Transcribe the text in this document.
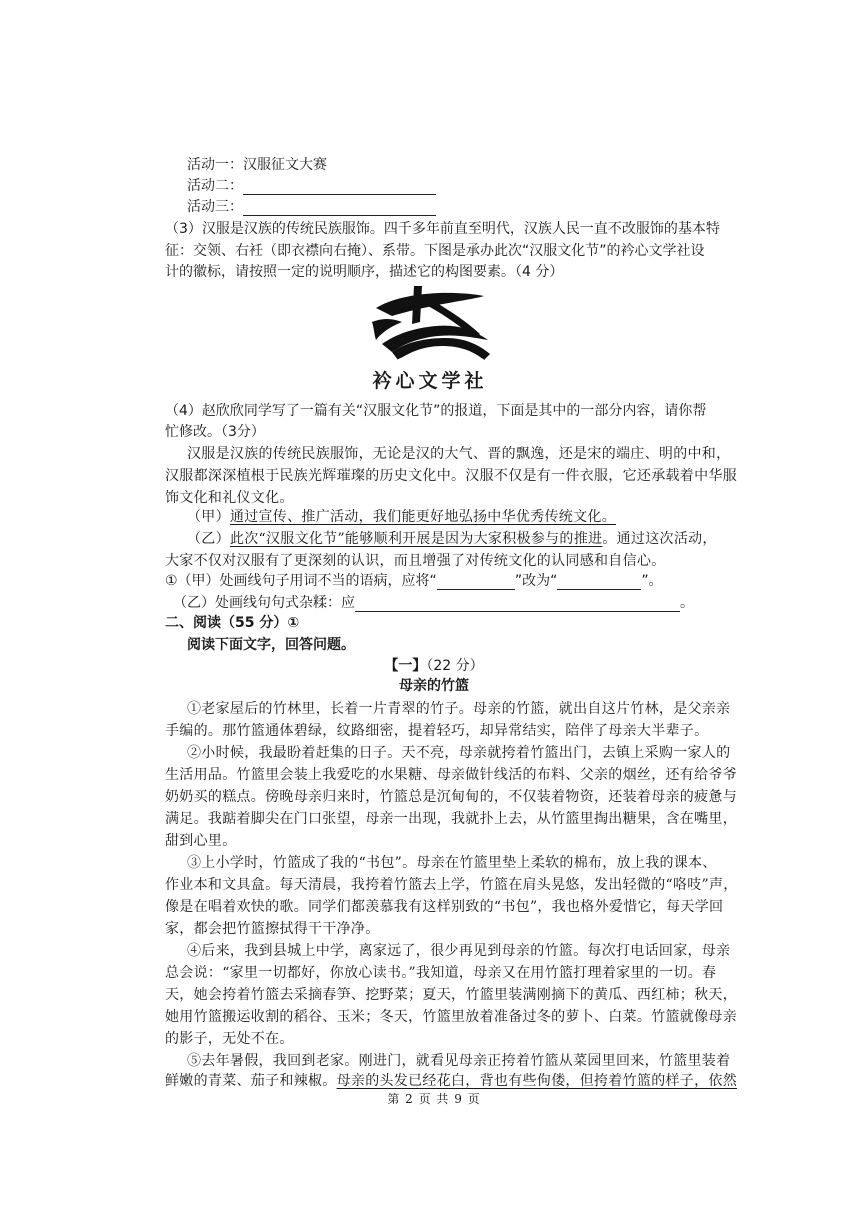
活动一：汉服征文大赛
活动二：
活动三：
（3）汉服是汉族的传统民族服饰。四千多年前直至明代，汉族人民一直不改服饰的基本特
征：交领、右衽（即衣襟向右掩）、系带。下图是承办此次“汉服文化节”的衿心文学社设
计的徽标，请按照一定的说明顺序，描述它的构图要素。（4 分）
衿心文学社
（4）赵欣欣同学写了一篇有关“汉服文化节”的报道，下面是其中的一部分内容，请你帮
忙修改。（3分）
汉服是汉族的传统民族服饰，无论是汉的大气、晋的飘逸，还是宋的端庄、明的中和，
汉服都深深植根于民族光辉璀璨的历史文化中。汉服不仅是有一件衣服，它还承载着中华服
饰文化和礼仪文化。
（甲）通过宣传、推广活动，我们能更好地弘扬中华优秀传统文化。
（乙）此次“汉服文化节”能够顺利开展是因为大家积极参与的推进。通过这次活动，
大家不仅对汉服有了更深刻的认识，而且增强了对传统文化的认同感和自信心。
①（甲）处画线句子用词不当的语病，应将“	”改为“	”。
（乙）处画线句句式杂糅：应	。
二、阅读（55 分）①
阅读下面文字，回答问题。
【一】（22 分）
母亲的竹篮
①老家屋后的竹林里，长着一片青翠的竹子。母亲的竹篮，就出自这片竹林，是父亲亲
手编的。那竹篮通体碧绿，纹路细密，提着轻巧，却异常结实，陪伴了母亲大半辈子。
②小时候，我最盼着赶集的日子。天不亮，母亲就挎着竹篮出门，去镇上采购一家人的
生活用品。竹篮里会装上我爱吃的水果糖、母亲做针线活的布料、父亲的烟丝，还有给爷爷
奶奶买的糕点。傍晚母亲归来时，竹篮总是沉甸甸的，不仅装着物资，还装着母亲的疲惫与
满足。我踮着脚尖在门口张望，母亲一出现，我就扑上去，从竹篮里掏出糖果，含在嘴里，
甜到心里。
③上小学时，竹篮成了我的“书包”。母亲在竹篮里垫上柔软的棉布，放上我的课本、
作业本和文具盒。每天清晨，我挎着竹篮去上学，竹篮在肩头晃悠，发出轻微的“咯吱”声，
像是在唱着欢快的歌。同学们都羡慕我有这样别致的“书包”，我也格外爱惜它，每天学回
家，都会把竹篮擦拭得干干净净。
④后来，我到县城上中学，离家远了，很少再见到母亲的竹篮。每次打电话回家，母亲
总会说：“家里一切都好，你放心读书。”我知道，母亲又在用竹篮打理着家里的一切。春
天，她会挎着竹篮去采摘春笋、挖野菜；夏天，竹篮里装满刚摘下的黄瓜、西红柿；秋天，
她用竹篮搬运收割的稻谷、玉米；冬天，竹篮里放着准备过冬的萝卜、白菜。竹篮就像母亲
的影子，无处不在。
⑤去年暑假，我回到老家。刚进门，就看见母亲正挎着竹篮从菜园里回来，竹篮里装着
鲜嫩的青菜、茄子和辣椒。母亲的头发已经花白，背也有些佝偻，但挎着竹篮的样子，依然
第 2 页 共 9 页
